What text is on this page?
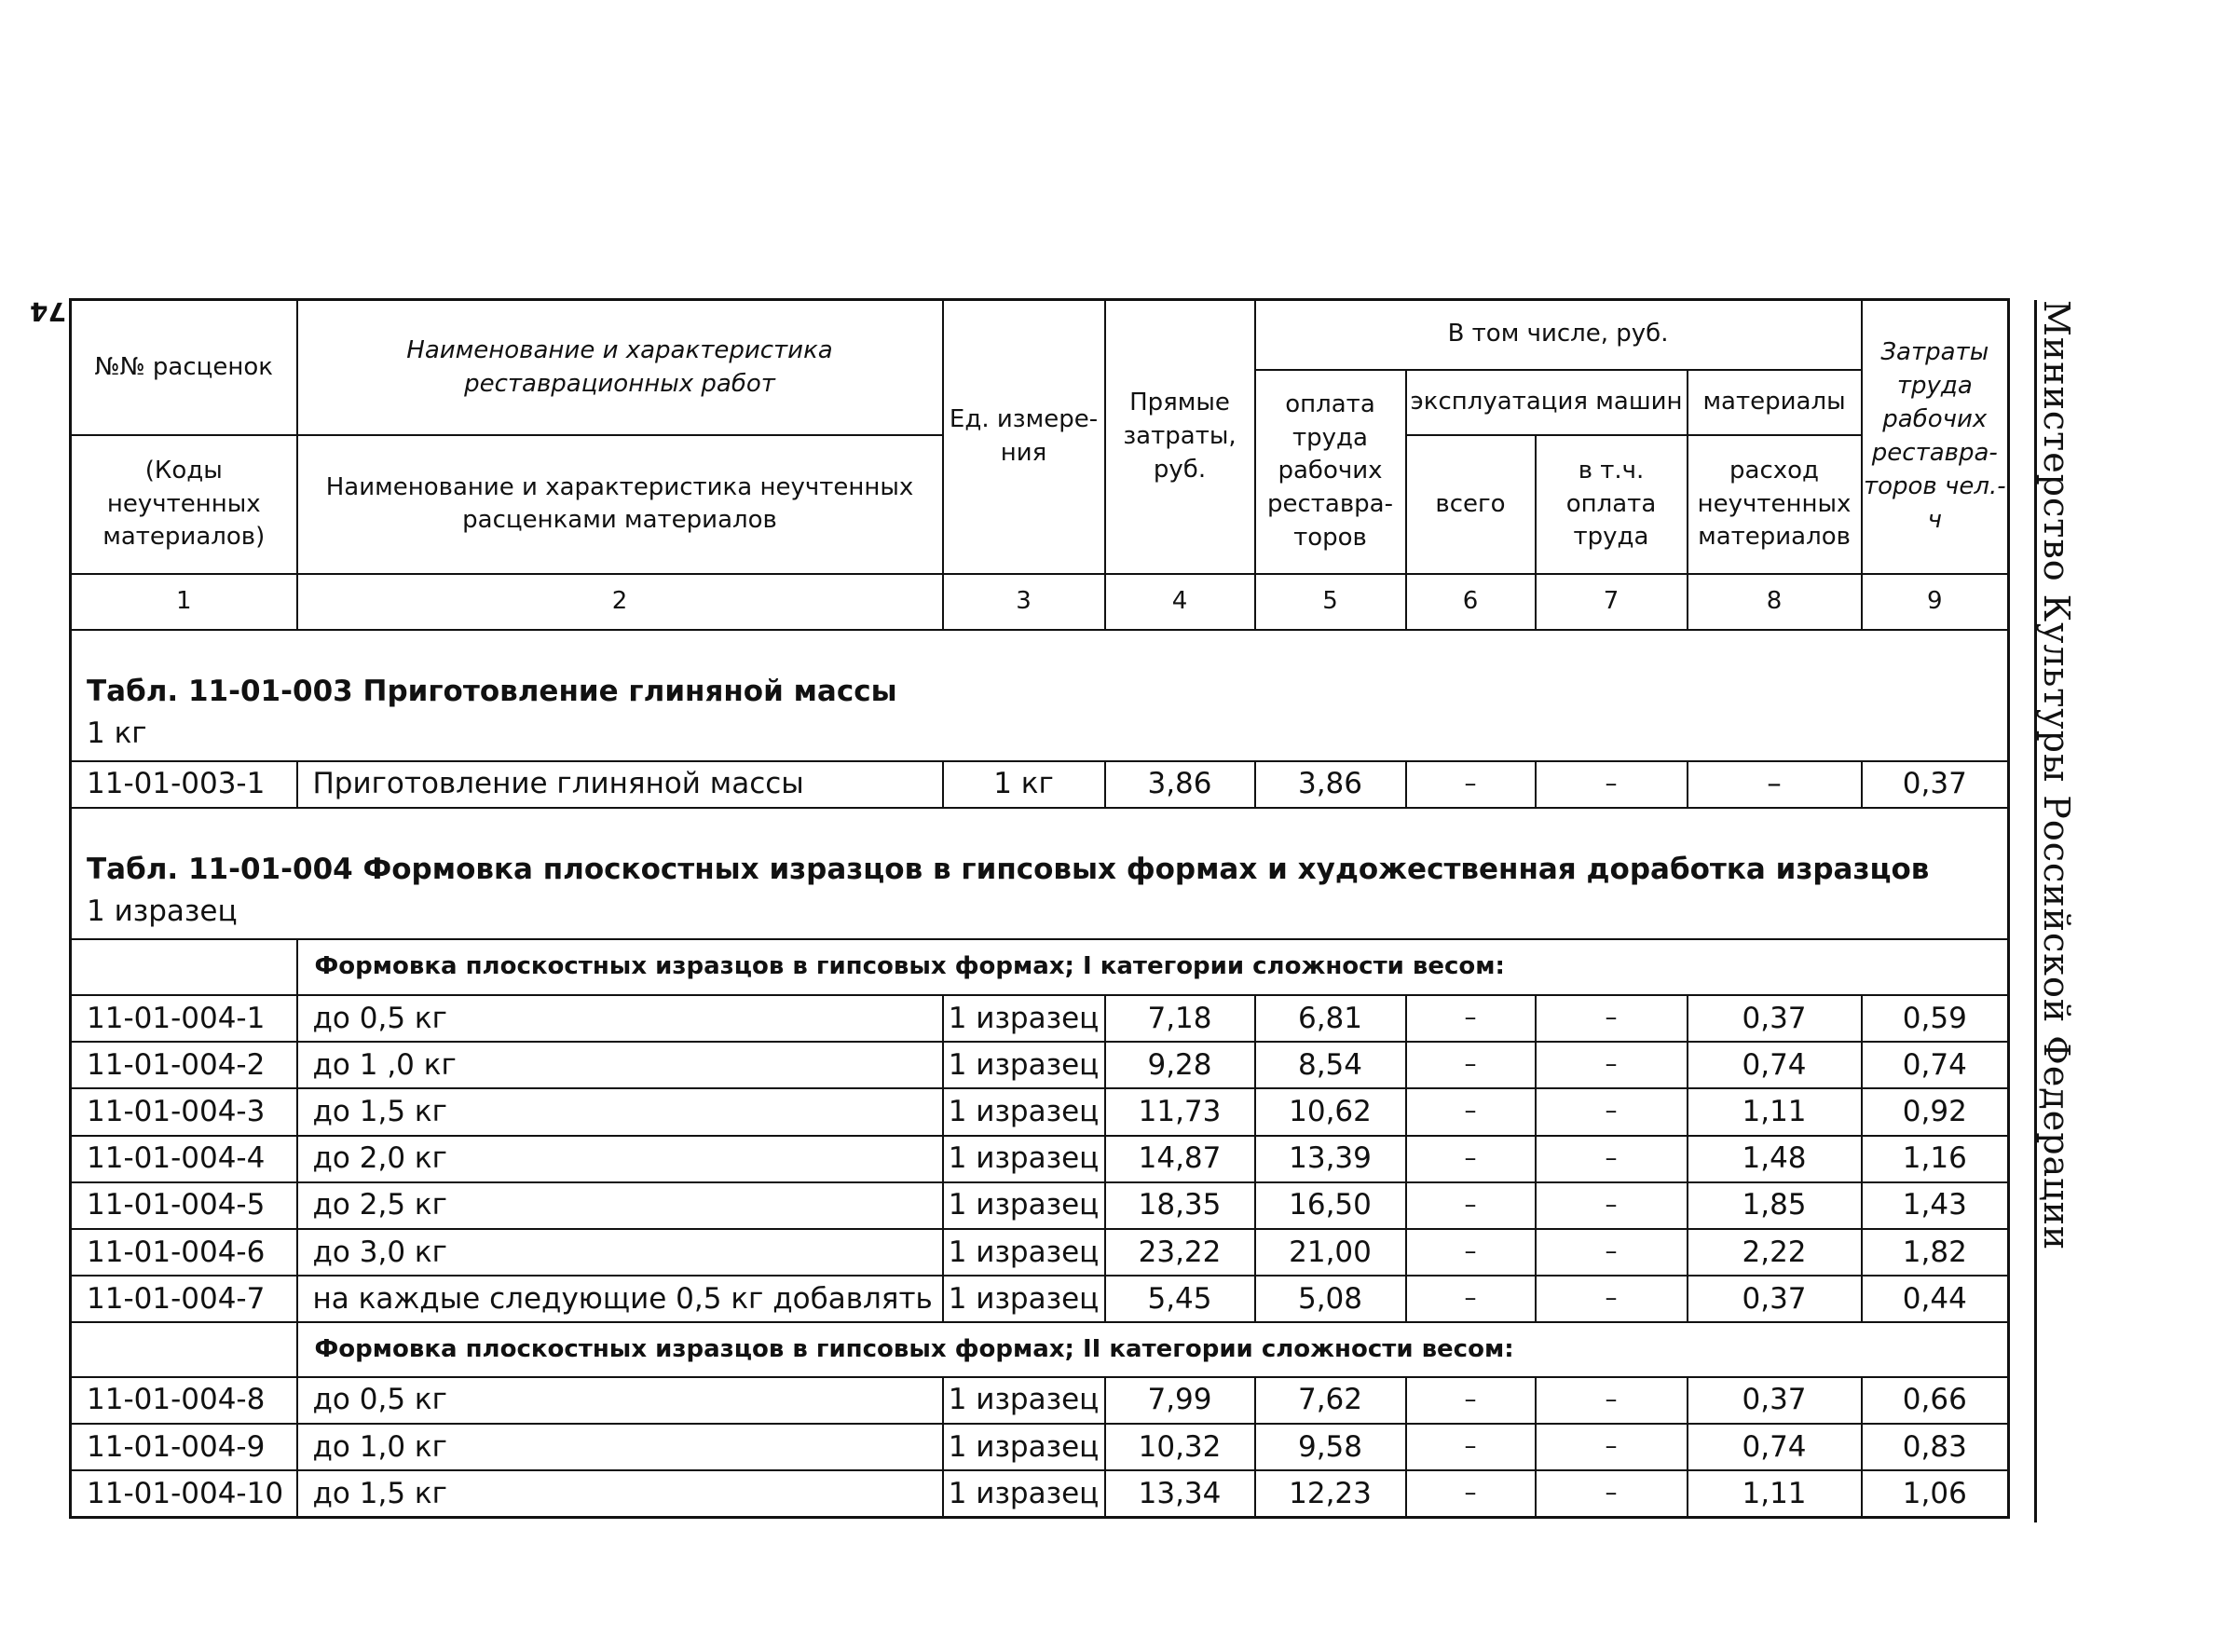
74	Министерство Культуры Российской Федерации
№№ расценок	Наименование и характеристика реставрационных работ	Ед. измере-ния	Прямые затраты, руб.	В том числе, руб.				Затраты труда рабочих реставра-торов чел.-ч
				оплата труда рабочих реставра-торов	эксплуатация машин		материалы	
(Коды неучтенных материалов)	Наименование и характеристика неучтенных расценками материалов				всего	в т.ч. оплата труда	расход неучтенных материалов	
1	2	3	4	5	6	7	8	9
Табл. 11-01-003 Приготовление глиняной массы
1 кг								
11-01-003-1	Приготовление глиняной массы	1 кг	3,86	3,86	–	–	–	0,37
Табл. 11-01-004 Формовка плоскостных изразцов в гипсовых формах и художественная доработка изразцов
1 изразец								
	Формовка плоскостных изразцов в гипсовых формах; I категории сложности весом:							
11-01-004-1	до 0,5 кг	1 изразец	7,18	6,81	–	–	0,37	0,59
11-01-004-2	до 1 ,0 кг	1 изразец	9,28	8,54	–	–	0,74	0,74
11-01-004-3	до 1,5 кг	1 изразец	11,73	10,62	–	–	1,11	0,92
11-01-004-4	до 2,0 кг	1 изразец	14,87	13,39	–	–	1,48	1,16
11-01-004-5	до 2,5 кг	1 изразец	18,35	16,50	–	–	1,85	1,43
11-01-004-6	до 3,0 кг	1 изразец	23,22	21,00	–	–	2,22	1,82
11-01-004-7	на каждые следующие 0,5 кг добавлять	1 изразец	5,45	5,08	–	–	0,37	0,44
	Формовка плоскостных изразцов в гипсовых формах; II категории сложности весом:							
11-01-004-8	до 0,5 кг	1 изразец	7,99	7,62	–	–	0,37	0,66
11-01-004-9	до 1,0 кг	1 изразец	10,32	9,58	–	–	0,74	0,83
11-01-004-10	до 1,5 кг	1 изразец	13,34	12,23	–	–	1,11	1,06
